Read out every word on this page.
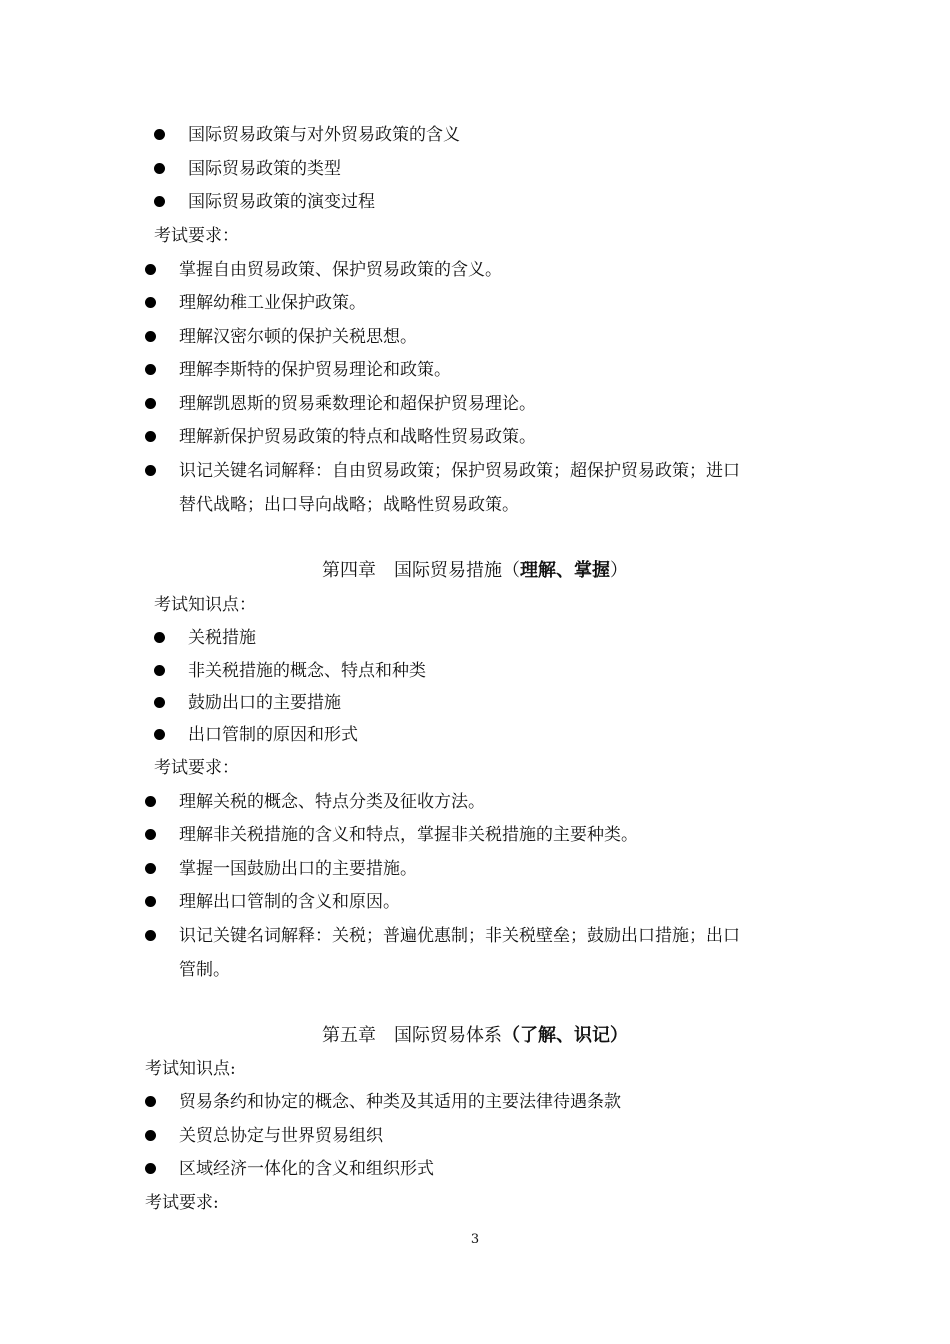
国际贸易政策与对外贸易政策的含义
国际贸易政策的类型
国际贸易政策的演变过程
考试要求：
掌握自由贸易政策、保护贸易政策的含义。
理解幼稚工业保护政策。
理解汉密尔顿的保护关税思想。
理解李斯特的保护贸易理论和政策。
理解凯恩斯的贸易乘数理论和超保护贸易理论。
理解新保护贸易政策的特点和战略性贸易政策。
识记关键名词解释：自由贸易政策；保护贸易政策；超保护贸易政策；进口
替代战略；出口导向战略；战略性贸易政策。
第四章　国际贸易措施（理解、掌握）
考试知识点：
关税措施
非关税措施的概念、特点和种类
鼓励出口的主要措施
出口管制的原因和形式
考试要求：
理解关税的概念、特点分类及征收方法。
理解非关税措施的含义和特点，掌握非关税措施的主要种类。
掌握一国鼓励出口的主要措施。
理解出口管制的含义和原因。
识记关键名词解释：关税；普遍优惠制；非关税壁垒；鼓励出口措施；出口
管制。
第五章　国际贸易体系（了解、识记）
考试知识点:
贸易条约和协定的概念、种类及其适用的主要法律待遇条款
关贸总协定与世界贸易组织
区域经济一体化的含义和组织形式
考试要求:
3
